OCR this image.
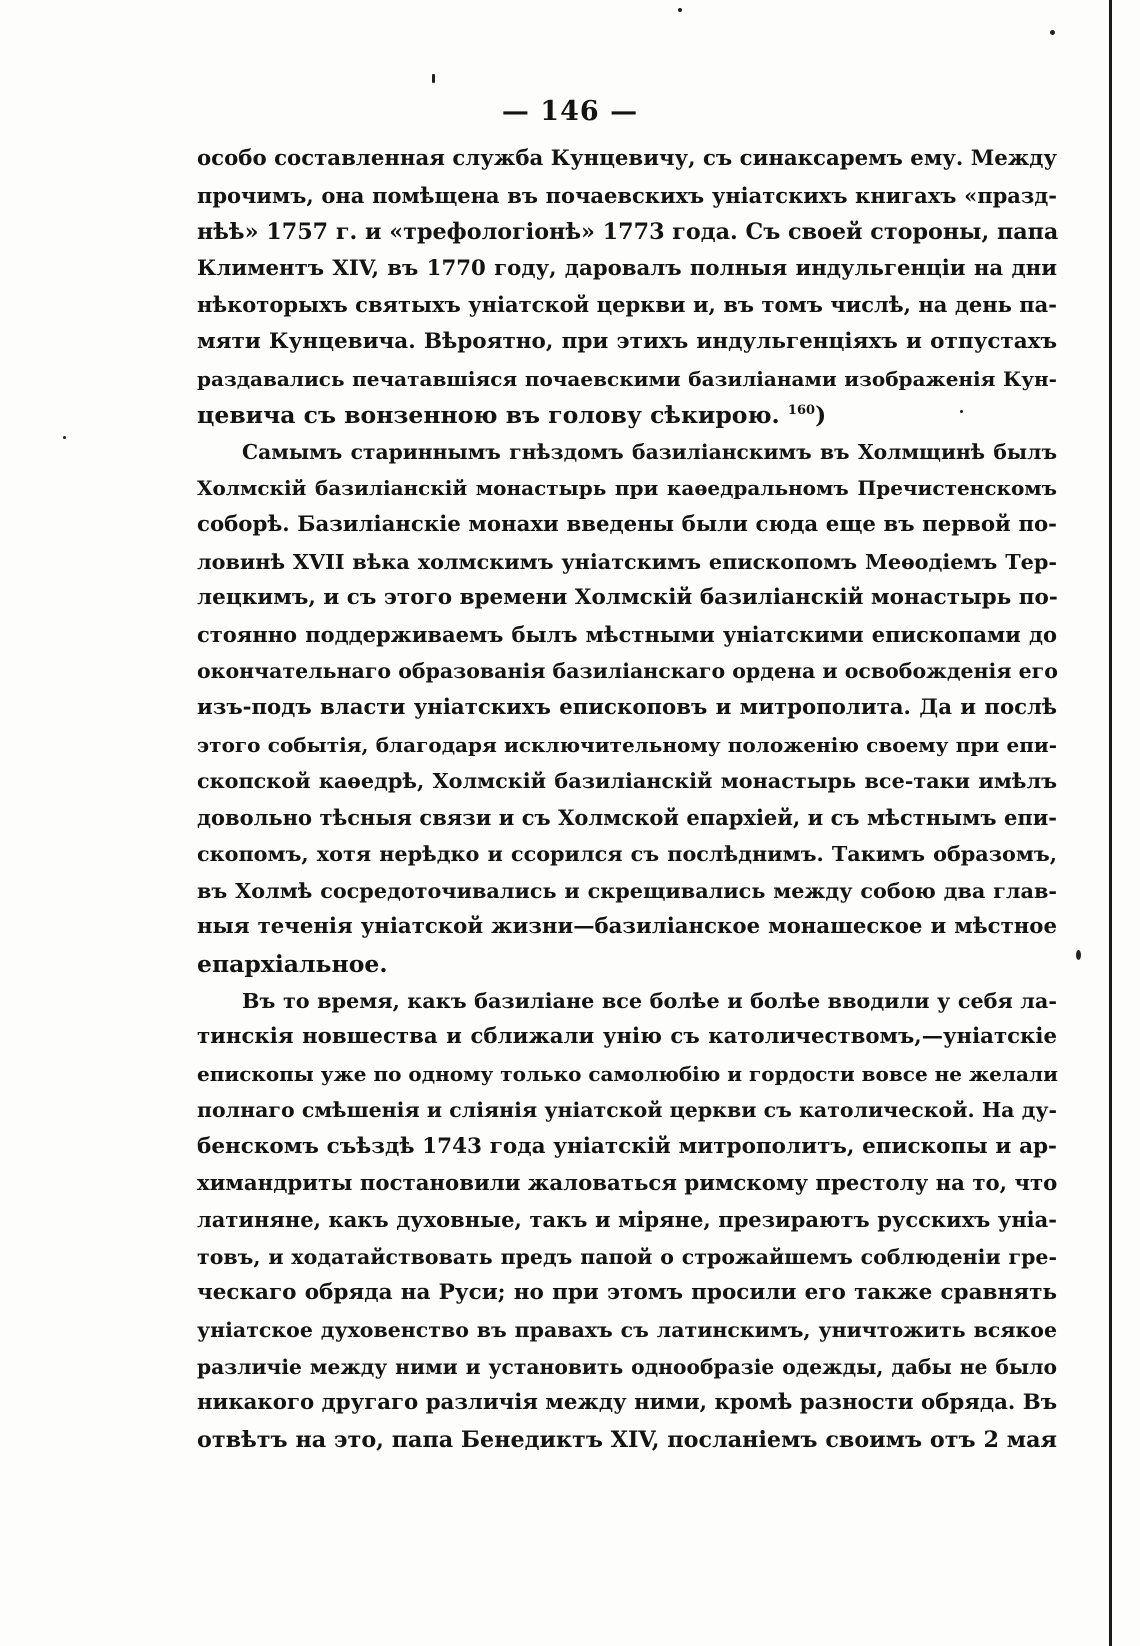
— 146 —
особо составленная служба Кунцевичу, съ синаксаремъ ему. Между
прочимъ, она помѣщена въ почаевскихъ уніатскихъ книгахъ «празд-
нѣѣ» 1757 г. и «трефологіонѣ» 1773 года. Съ своей стороны, папа
Климентъ XIV, въ 1770 году, даровалъ полныя индульгенціи на дни
нѣкоторыхъ святыхъ уніатской церкви и, въ томъ числѣ, на день па-
мяти Кунцевича. Вѣроятно, при этихъ индульгенціяхъ и отпустахъ
раздавались печатавшіяся почаевскими базиліанами изображенія Кун-
цевича съ вонзенною въ голову сѣкирою. $^{160}$)
Самымъ стариннымъ гнѣздомъ базиліанскимъ въ Холмщинѣ былъ
Холмскій базиліанскій монастырь при каѳедральномъ Пречистенскомъ
соборѣ. Базиліанскіе монахи введены были сюда еще въ первой по-
ловинѣ XVII вѣка холмскимъ уніатскимъ епископомъ Меѳодіемъ Тер-
лецкимъ, и съ этого времени Холмскій базиліанскій монастырь по-
стоянно поддерживаемъ былъ мѣстными уніатскими епископами до
окончательнаго образованія базиліанскаго ордена и освобожденія его
изъ-подъ власти уніатскихъ епископовъ и митрополита. Да и послѣ
этого событія, благодаря исключительному положенію своему при епи-
скопской каѳедрѣ, Холмскій базиліанскій монастырь все-таки имѣлъ
довольно тѣсныя связи и съ Холмской епархіей, и съ мѣстнымъ епи-
скопомъ, хотя нерѣдко и ссорился съ послѣднимъ. Такимъ образомъ,
въ Холмѣ сосредоточивались и скрещивались между собою два глав-
ныя теченія уніатской жизни—базиліанское монашеское и мѣстное
епархіальное.
Въ то время, какъ базиліане все болѣе и болѣе вводили у себя ла-
тинскія новшества и сближали унію съ католичествомъ,—уніатскіе
епископы уже по одному только самолюбію и гордости вовсе не желали
полнаго смѣшенія и слiянія уніатской церкви съ католической. На ду-
бенскомъ съѣздѣ 1743 года уніатскій митрополитъ, епископы и ар-
химандриты постановили жаловаться римскому престолу на то, что
латиняне, какъ духовные, такъ и міряне, презираютъ русскихъ унia-
товъ, и ходатайствовать предъ папой о строжайшемъ соблюденіи гре-
ческаго обряда на Руси; но при этомъ просили его также сравнять
уніатское духовенство въ правахъ съ латинскимъ, уничтожить всякое
различіе между ними и установить однообразіе одежды, дабы не было
никакого другаго различія между ними, кромѣ разности обряда. Въ
отвѣтъ на это, папа Бенедиктъ XIV, посланіемъ своимъ отъ 2 мая
